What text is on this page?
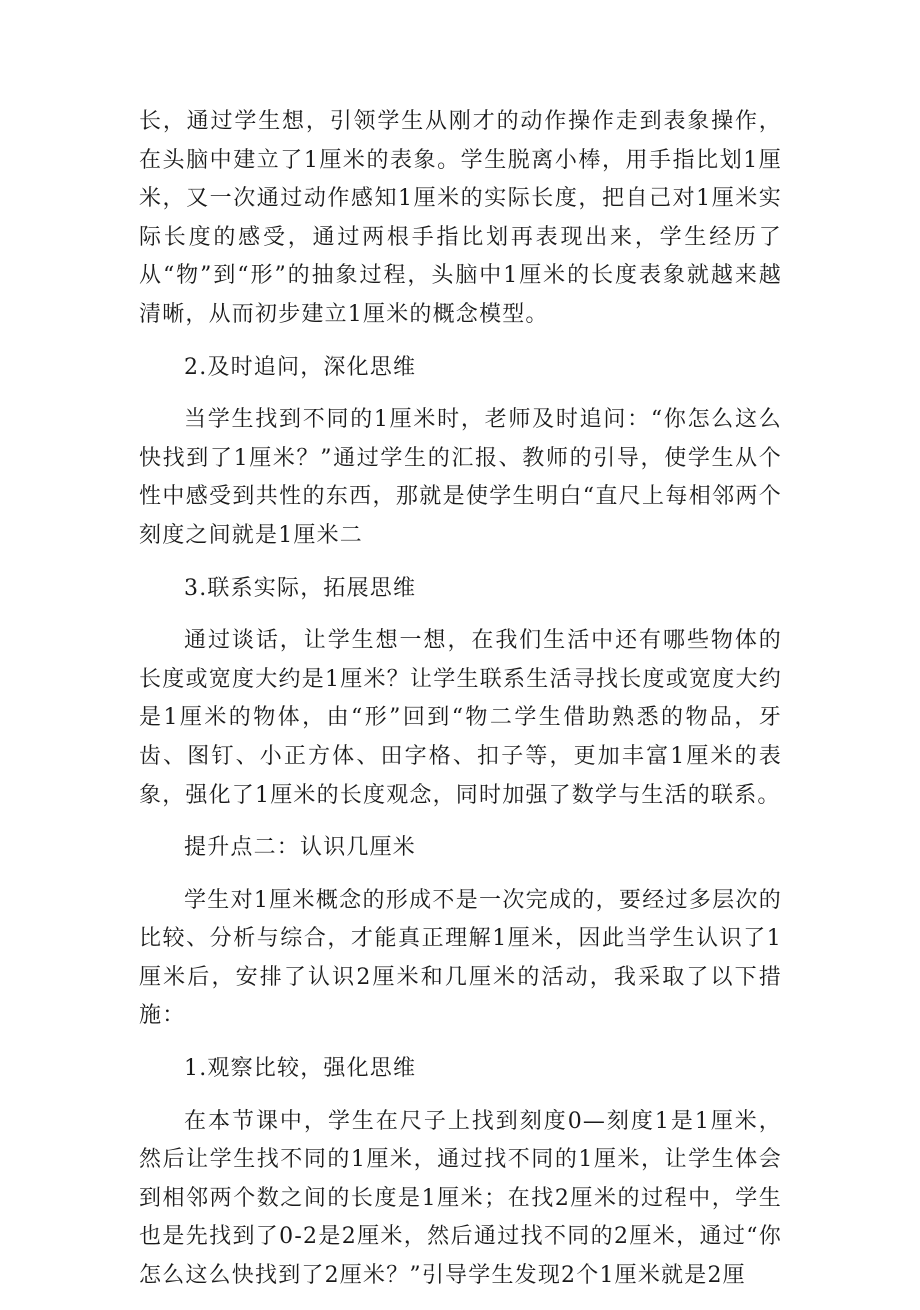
长，通过学生想，引领学生从刚才的动作操作走到表象操作，在头脑中建立了1厘米的表象。学生脱离小棒，用手指比划1厘米，又一次通过动作感知1厘米的实际长度，把自己对1厘米实际长度的感受，通过两根手指比划再表现出来，学生经历了从“物”到“形”的抽象过程，头脑中1厘米的长度表象就越来越清晰，从而初步建立1厘米的概念模型。

2.及时追问，深化思维

当学生找到不同的1厘米时，老师及时追问：“你怎么这么快找到了1厘米？”通过学生的汇报、教师的引导，使学生从个性中感受到共性的东西，那就是使学生明白“直尺上每相邻两个刻度之间就是1厘米二

3.联系实际，拓展思维

通过谈话，让学生想一想，在我们生活中还有哪些物体的长度或宽度大约是1厘米？让学生联系生活寻找长度或宽度大约是1厘米的物体，由“形”回到“物二学生借助熟悉的物品，牙齿、图钉、小正方体、田字格、扣子等，更加丰富1厘米的表象，强化了1厘米的长度观念，同时加强了数学与生活的联系。

提升点二：认识几厘米

学生对1厘米概念的形成不是一次完成的，要经过多层次的比较、分析与综合，才能真正理解1厘米，因此当学生认识了1厘米后，安排了认识2厘米和几厘米的活动，我采取了以下措施：

1.观察比较，强化思维

在本节课中，学生在尺子上找到刻度0—刻度1是1厘米，然后让学生找不同的1厘米，通过找不同的1厘米，让学生体会到相邻两个数之间的长度是1厘米；在找2厘米的过程中，学生也是先找到了0-2是2厘米，然后通过找不同的2厘米，通过“你怎么这么快找到了2厘米？”引导学生发现2个1厘米就是2厘
